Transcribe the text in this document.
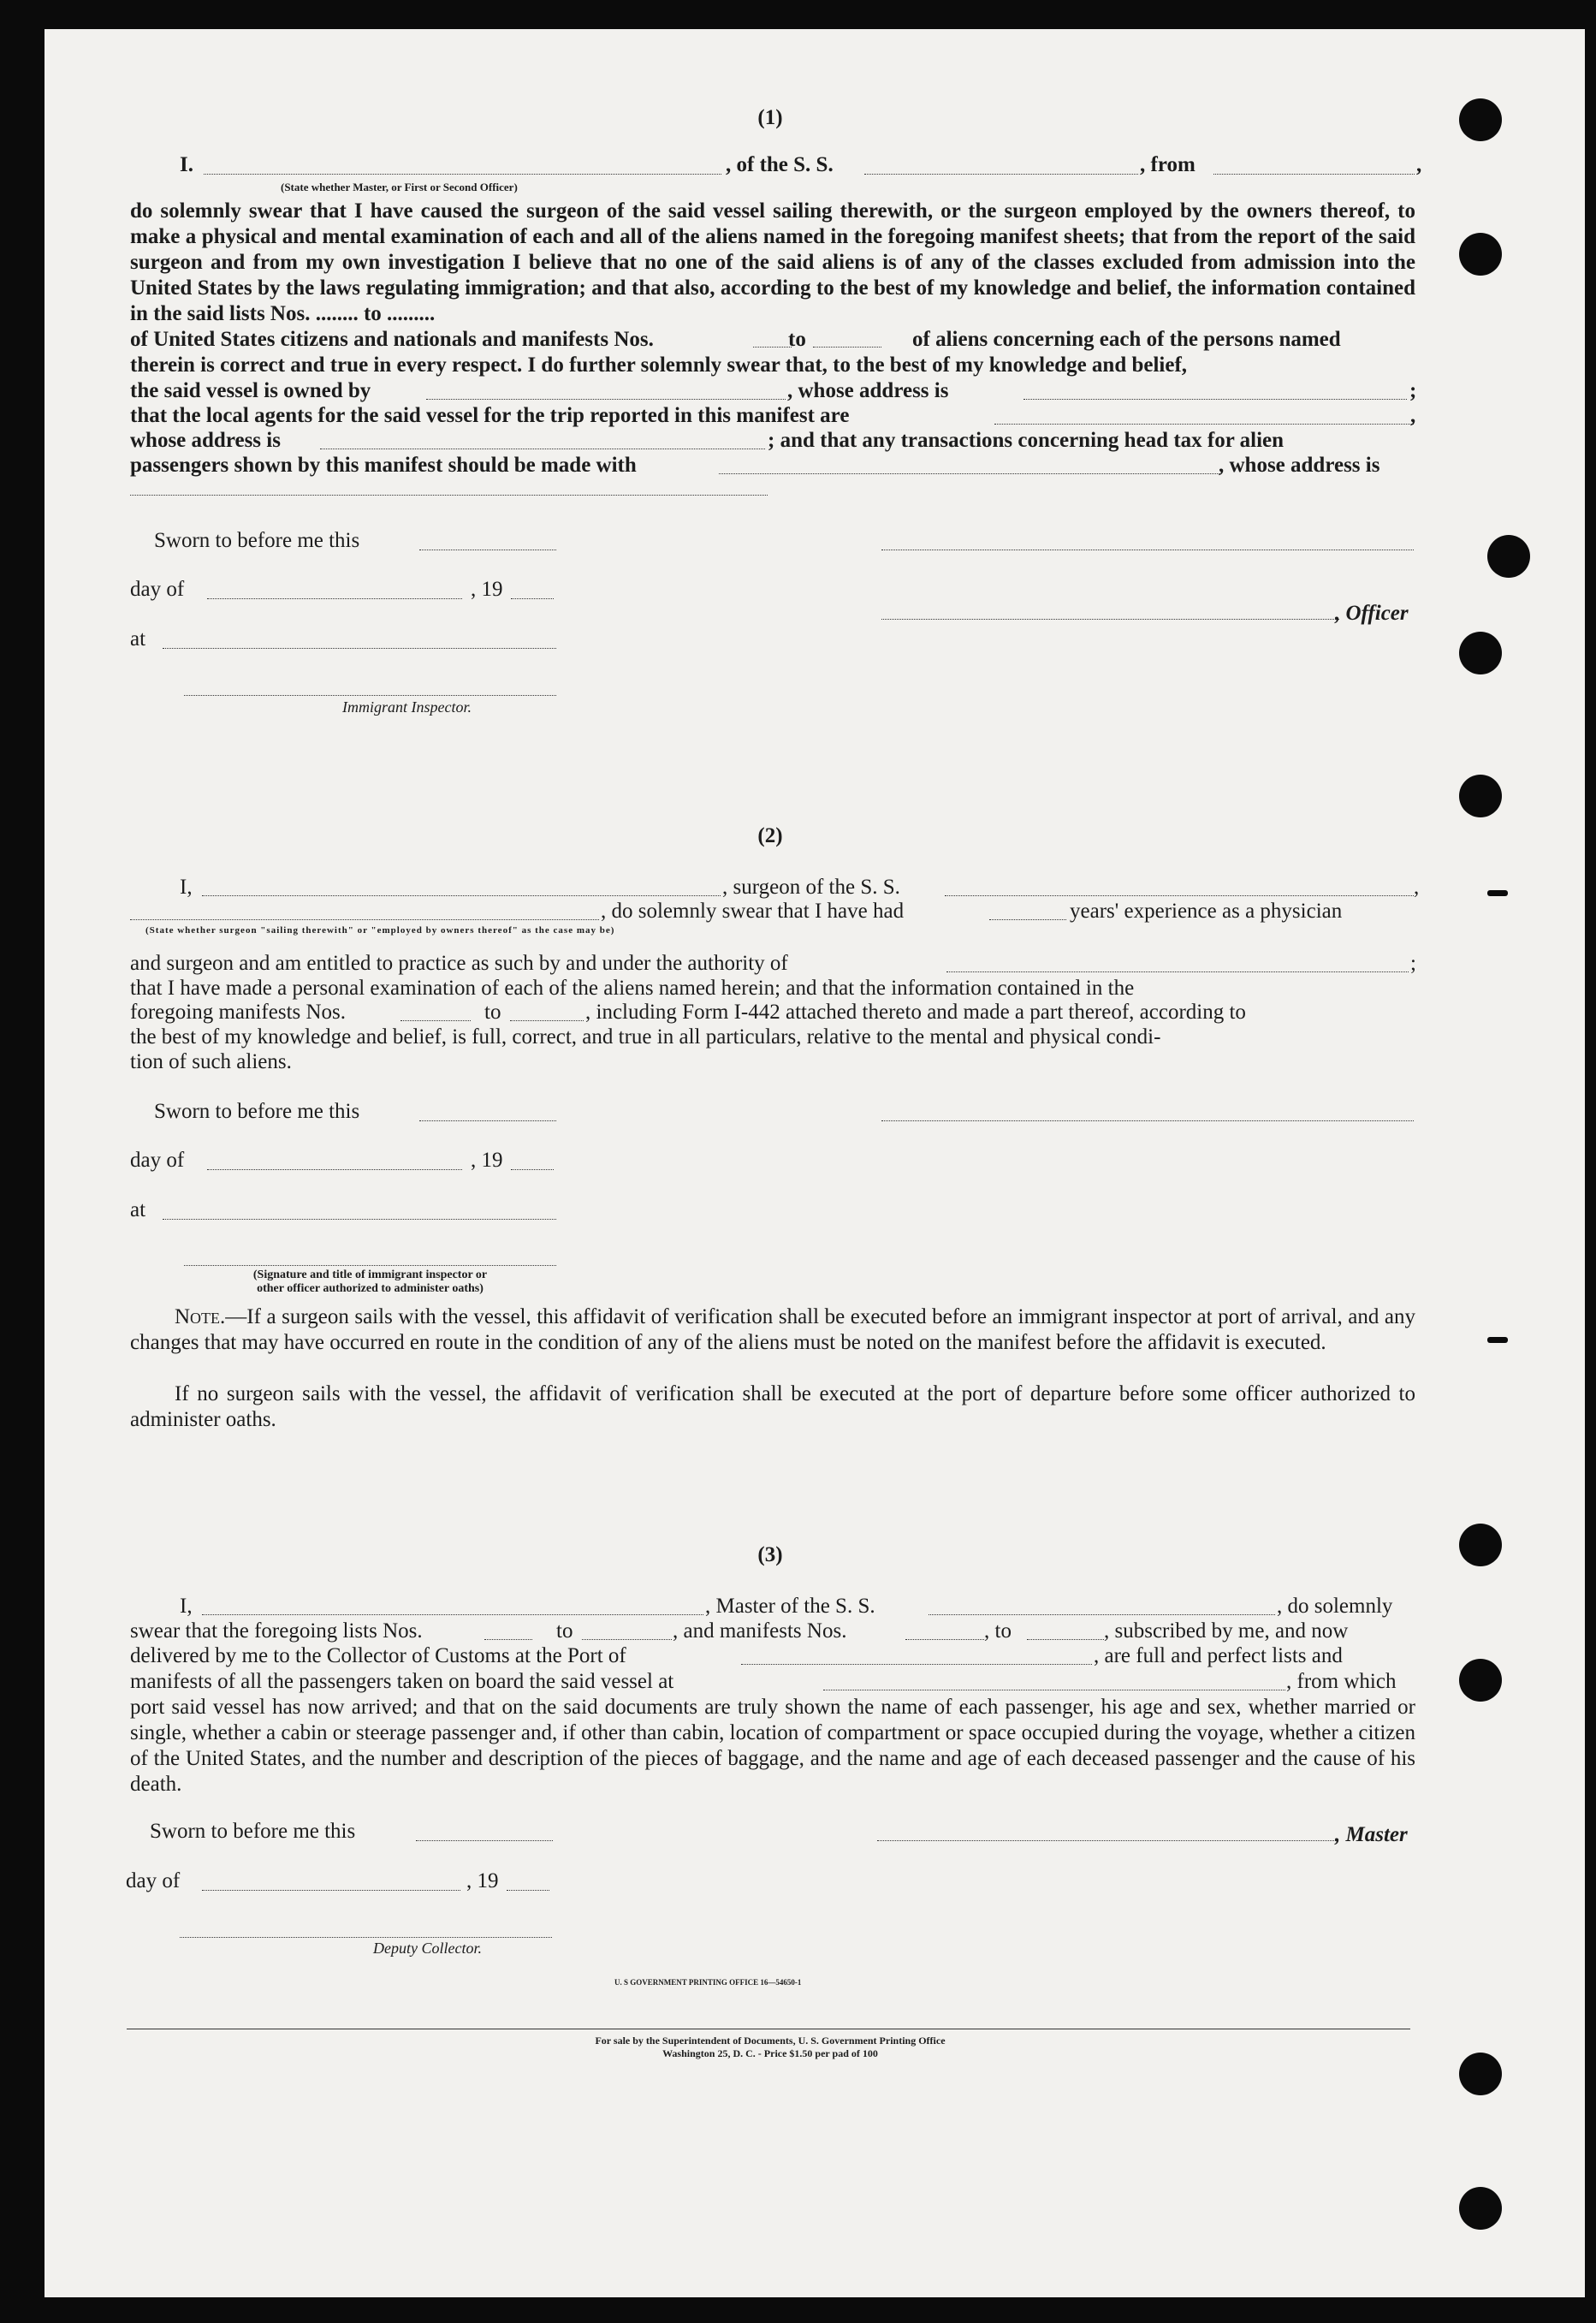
(1)
I.	, of the S. S.	, from	,
(State whether Master, or First or Second Officer)
do solemnly swear that I have caused the surgeon of the said vessel sailing therewith, or the surgeon employed by the owners thereof, to make a physical and mental examination of each and all of the aliens named in the foregoing manifest sheets; that from the report of the said surgeon and from my own investigation I believe that no one of the said aliens is of any of the classes excluded from admission into the United States by the laws regulating immigration; and that also, according to the best of my knowledge and belief, the information contained in the said lists Nos. ........ to .........
of United States citizens and nationals and manifests Nos.	to	of aliens concerning each of the persons named
therein is correct and true in every respect. I do further solemnly swear that, to the best of my knowledge and belief,
the said vessel is owned by	, whose address is	;
that the local agents for the said vessel for the trip reported in this manifest are	,
whose address is	; and that any transactions concerning head tax for alien
passengers shown by this manifest should be made with	, whose address is
Sworn to before me this
day of	, 19
, Officer
at
Immigrant Inspector.
(2)
I,	, surgeon of the S. S.	,
, do solemnly swear that I have had	years' experience as a physician
(State whether surgeon "sailing therewith" or "employed by owners thereof" as the case may be)
and surgeon and am entitled to practice as such by and under the authority of	;
that I have made a personal examination of each of the aliens named herein; and that the information contained in the
foregoing manifests Nos.	to	, including Form I-442 attached thereto and made a part thereof, according to
the best of my knowledge and belief, is full, correct, and true in all particulars, relative to the mental and physical condi-
tion of such aliens.
Sworn to before me this
day of	, 19
at
(Signature and title of immigrant inspector or
other officer authorized to administer oaths)
Note.—If a surgeon sails with the vessel, this affidavit of verification shall be executed before an immigrant inspector at port of arrival, and any changes that may have occurred en route in the condition of any of the aliens must be noted on the manifest before the affidavit is executed.
If no surgeon sails with the vessel, the affidavit of verification shall be executed at the port of departure before some officer authorized to administer oaths.
(3)
I,	, Master of the S. S.	, do solemnly
swear that the foregoing lists Nos.	to	, and manifests Nos.	, to	, subscribed by me, and now
delivered by me to the Collector of Customs at the Port of	, are full and perfect lists and
manifests of all the passengers taken on board the said vessel at	, from which
port said vessel has now arrived; and that on the said documents are truly shown the name of each passenger, his age and sex, whether married or single, whether a cabin or steerage passenger and, if other than cabin, location of compartment or space occupied during the voyage, whether a citizen of the United States, and the number and description of the pieces of baggage, and the name and age of each deceased passenger and the cause of his death.
Sworn to before me this	, Master
day of	, 19
Deputy Collector.
U. S GOVERNMENT PRINTING OFFICE 16—54650-1
For sale by the Superintendent of Documents, U. S. Government Printing Office
Washington 25, D. C. - Price $1.50 per pad of 100
